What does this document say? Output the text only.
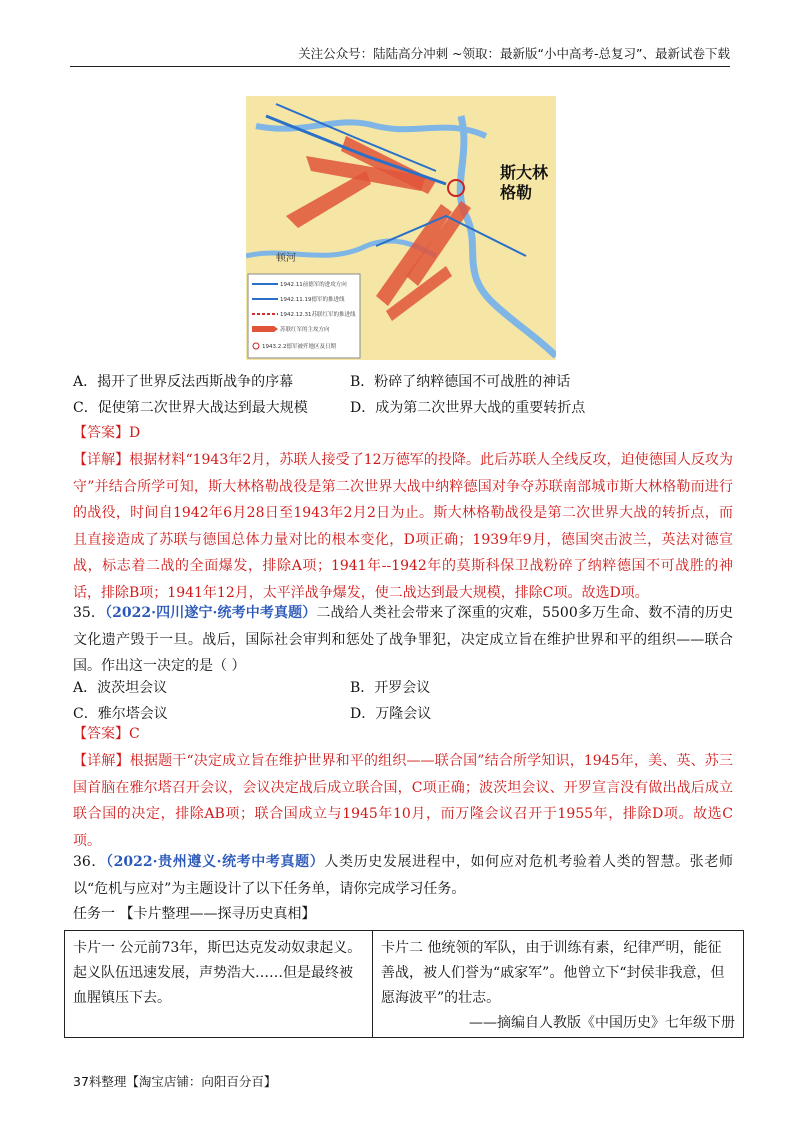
关注公众号：陆陆高分冲刺 ~领取：最新版“小中高考-总复习”、最新试卷下载
斯大林
格勒
顿河
1942.11前德军的进攻方向
1942.11.19德军的推进线
1942.12.31苏联红军的推进线
苏联红军的主攻方向
1943.2.2德军被歼地区及日期
A．揭开了世界反法西斯战争的序幕	B．粉碎了纳粹德国不可战胜的神话
C．促使第二次世界大战达到最大规模	D．成为第二次世界大战的重要转折点

【答案】D

【详解】根据材料“1943年2月，苏联人接受了12万德军的投降。此后苏联人全线反攻，迫使德国人反攻为守”并结合所学可知，斯大林格勒战役是第二次世界大战中纳粹德国对争夺苏联南部城市斯大林格勒而进行的战役，时间自1942年6月28日至1943年2月2日为止。斯大林格勒战役是第二次世界大战的转折点，而且直接造成了苏联与德国总体力量对比的根本变化，D项正确；1939年9月，德国突击波兰，英法对德宣战，标志着二战的全面爆发，排除A项；1941年--1942年的莫斯科保卫战粉碎了纳粹德国不可战胜的神话，排除B项；1941年12月，太平洋战争爆发，使二战达到最大规模，排除C项。故选D项。

35．（2022·四川遂宁·统考中考真题）二战给人类社会带来了深重的灾难，5500多万生命、数不清的历史文化遗产毁于一旦。战后，国际社会审判和惩处了战争罪犯，决定成立旨在维护世界和平的组织——联合国。作出这一决定的是（ ）

A．波茨坦会议	B．开罗会议
C．雅尔塔会议	D．万隆会议

【答案】C

【详解】根据题干“决定成立旨在维护世界和平的组织——联合国”结合所学知识，1945年，美、英、苏三国首脑在雅尔塔召开会议，会议决定战后成立联合国，C项正确；波茨坦会议、开罗宣言没有做出战后成立联合国的决定，排除AB项；联合国成立与1945年10月，而万隆会议召开于1955年，排除D项。故选C项。

36．（2022·贵州遵义·统考中考真题）人类历史发展进程中，如何应对危机考验着人类的智慧。张老师以“危机与应对”为主题设计了以下任务单，请你完成学习任务。

任务一 【卡片整理——探寻历史真相】
卡片一 公元前73年，斯巴达克发动奴隶起义。起义队伍迅速发展，声势浩大……但是最终被血腥镇压下去。
卡片二 他统领的军队，由于训练有素，纪律严明，能征善战，被人们誉为“戚家军”。他曾立下“封侯非我意，但愿海波平”的壮志。
——摘编自人教版《中国历史》七年级下册
37料整理【淘宝店铺：向阳百分百】
